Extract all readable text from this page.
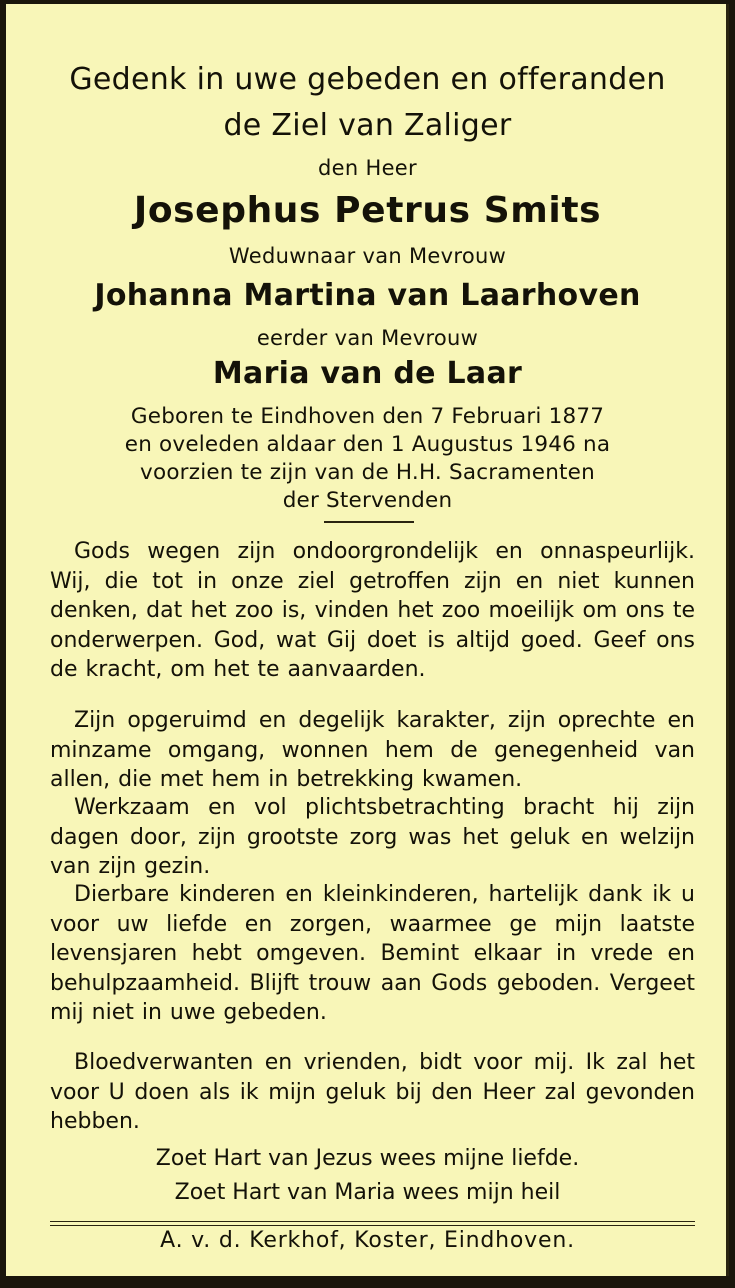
Gedenk in uwe gebeden en offeranden
de Ziel van Zaliger
den Heer
Josephus Petrus Smits
Weduwnaar van Mevrouw
Johanna Martina van Laarhoven
eerder van Mevrouw
Maria van de Laar
Geboren te Eindhoven den 7 Februari 1877
en oveleden aldaar den 1 Augustus 1946 na
voorzien te zijn van de H.H. Sacramenten
der Stervenden
Gods wegen zijn ondoorgrondelijk en onnaspeurlijk. Wij, die tot in onze ziel getroffen zijn en niet kunnen denken, dat het zoo is, vinden het zoo moeilijk om ons te onderwerpen. God, wat Gij doet is altijd goed. Geef ons de kracht, om het te aanvaarden.
Zijn opgeruimd en degelijk karakter, zijn oprechte en minzame omgang, wonnen hem de genegenheid van allen, die met hem in betrekking kwamen.
Werkzaam en vol plichtsbetrachting bracht hij zijn dagen door, zijn grootste zorg was het geluk en welzijn van zijn gezin.
Dierbare kinderen en kleinkinderen, hartelijk dank ik u voor uw liefde en zorgen, waarmee ge mijn laatste levensjaren hebt omgeven. Bemint elkaar in vrede en behulpzaamheid. Blijft trouw aan Gods geboden. Vergeet mij niet in uwe gebeden.
Bloedverwanten en vrienden, bidt voor mij. Ik zal het voor U doen als ik mijn geluk bij den Heer zal gevonden hebben.
Zoet Hart van Jezus wees mijne liefde.
Zoet Hart van Maria wees mijn heil
A. v. d. Kerkhof, Koster, Eindhoven.
